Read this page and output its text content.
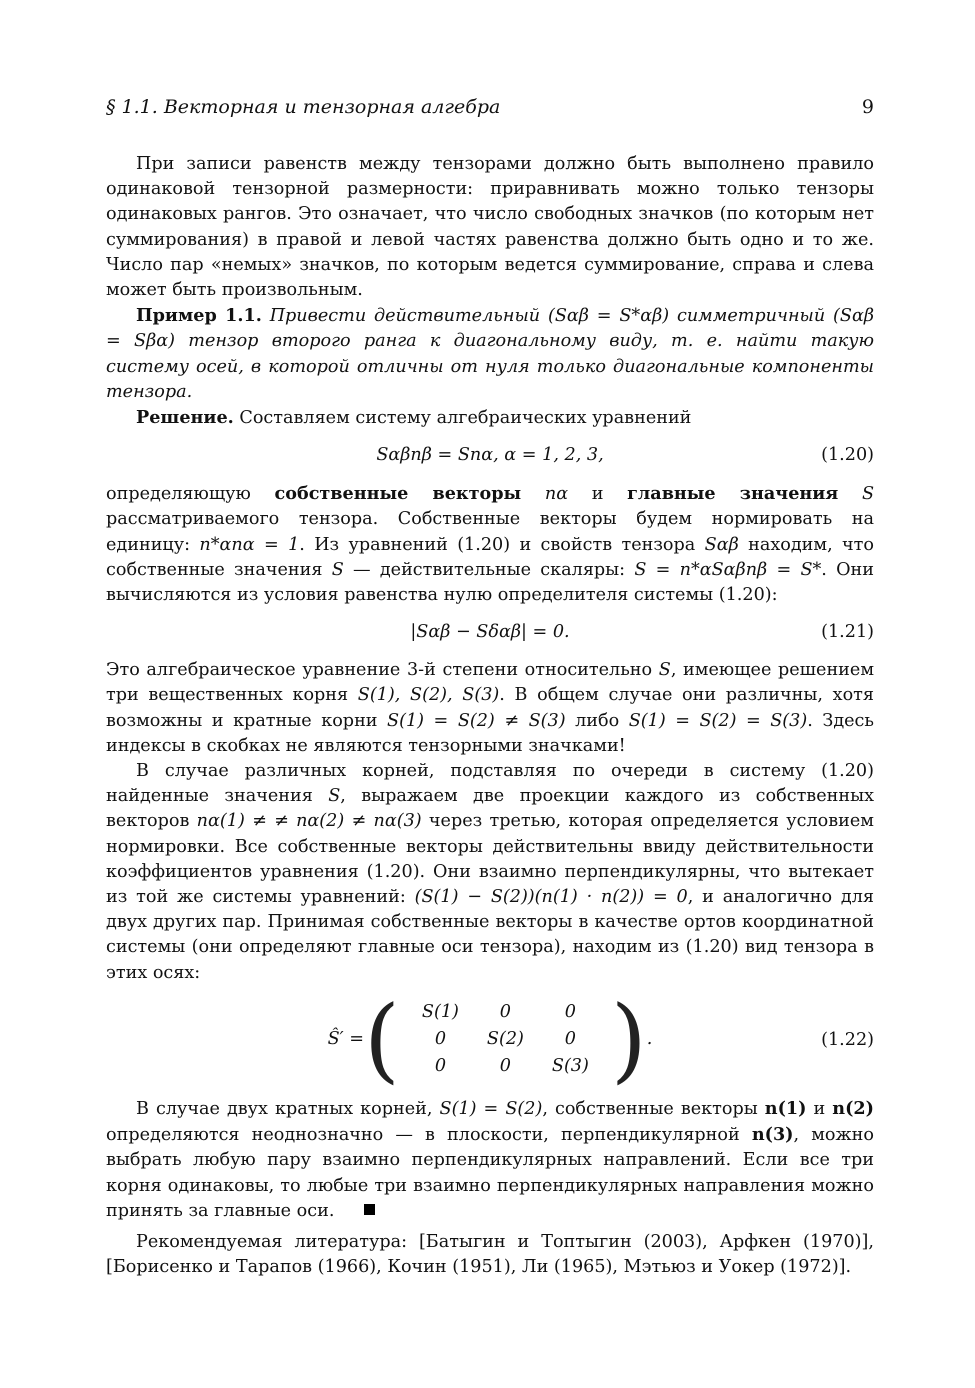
§ 1.1. Векторная и тензорная алгебра	9

При записи равенств между тензорами должно быть выполнено правило одинаковой тензорной размерности: приравнивать можно только тензоры одинаковых рангов. Это означает, что число свободных значков (по которым нет суммирования) в правой и левой частях равенства должно быть одно и то же. Число пар «немых» значков, по которым ведется суммирование, справа и слева может быть произвольным.

Пример 1.1. Привести действительный (Sαβ = S*αβ) симметричный (Sαβ = Sβα) тензор второго ранга к диагональному виду, т. е. найти такую систему осей, в которой отличны от нуля только диагональные компоненты тензора.

Решение. Составляем систему алгебраических уравнений

Sαβnβ = Snα, α = 1, 2, 3,	(1.20)

определяющую собственные векторы nα и главные значения S рассматриваемого тензора. Собственные векторы будем нормировать на единицу: n*αnα = 1. Из уравнений (1.20) и свойств тензора Sαβ находим, что собственные значения S — действительные скаляры: S = n*αSαβnβ = S*. Они вычисляются из условия равенства нулю определителя системы (1.20):

|Sαβ − Sδαβ| = 0.	(1.21)

Это алгебраическое уравнение 3-й степени относительно S, имеющее решением три вещественных корня S(1), S(2), S(3). В общем случае они различны, хотя возможны и кратные корни S(1) = S(2) ≠ S(3) либо S(1) = S(2) = S(3). Здесь индексы в скобках не являются тензорными значками!

В случае различных корней, подставляя по очереди в систему (1.20) найденные значения S, выражаем две проекции каждого из собственных векторов nα(1) ≠ ≠ nα(2) ≠ nα(3) через третью, которая определяется условием нормировки. Все собственные векторы действительны ввиду действительности коэффициентов уравнения (1.20). Они взаимно перпендикулярны, что вытекает из той же системы уравнений: (S(1) − S(2))(n(1) · n(2)) = 0, и аналогично для двух других пар. Принимая собственные векторы в качестве ортов координатной системы (они определяют главные оси тензора), находим из (1.20) вид тензора в этих осях:

Ŝ′ = ( S(1)	0	0
0	S(2)	0
0	0	S(3) ) .	(1.22)

В случае двух кратных корней, S(1) = S(2), собственные векторы n(1) и n(2) определяются неоднозначно — в плоскости, перпендикулярной n(3), можно выбрать любую пару взаимно перпендикулярных направлений. Если все три корня одинаковы, то любые три взаимно перпендикулярных направления можно принять за главные оси.

Рекомендуемая литература: [Батыгин и Топтыгин (2003), Арфкен (1970)], [Борисенко и Тарапов (1966), Кочин (1951), Ли (1965), Мэтьюз и Уокер (1972)].
